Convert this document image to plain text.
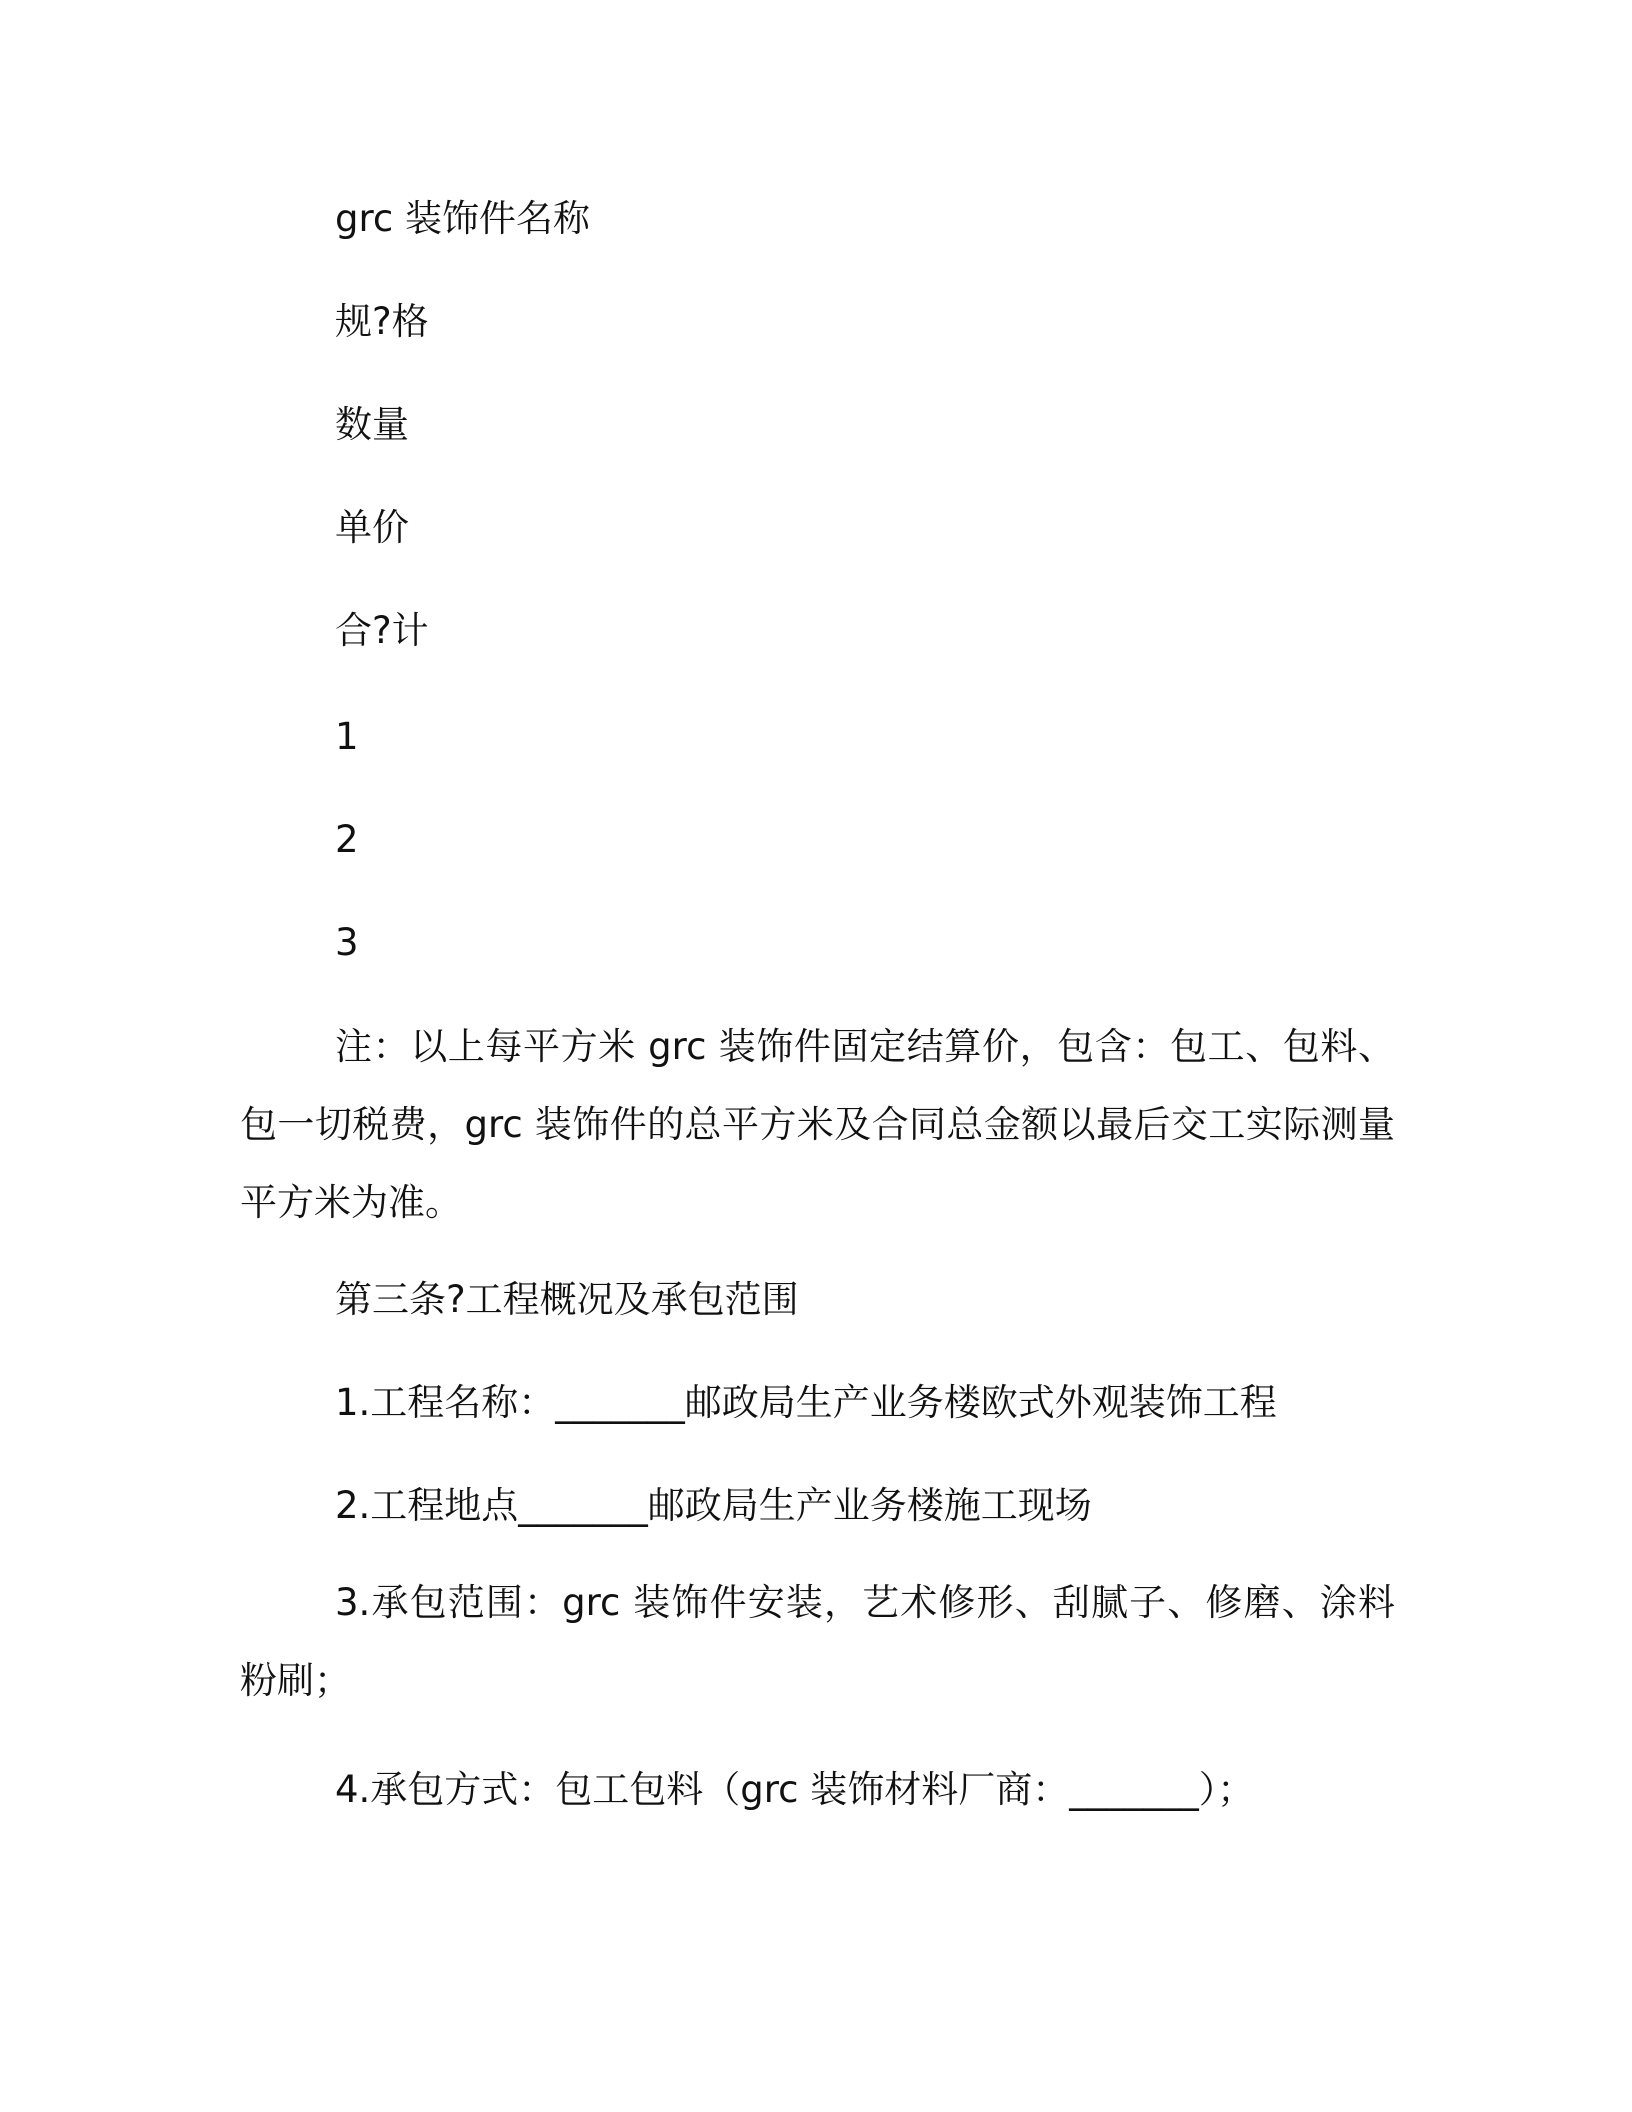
grc 装饰件名称

规?格

数量

单价

合?计

1

2

3

注：以上每平方米 grc 装饰件固定结算价，包含：包工、包料、包一切税费，grc 装饰件的总平方米及合同总金额以最后交工实际测量平方米为准。

第三条?工程概况及承包范围

1.工程名称：_______邮政局生产业务楼欧式外观装饰工程

2.工程地点_______邮政局生产业务楼施工现场

3.承包范围：grc 装饰件安装，艺术修形、刮腻子、修磨、涂料粉刷；

4.承包方式：包工包料（grc 装饰材料厂商：_______）；
